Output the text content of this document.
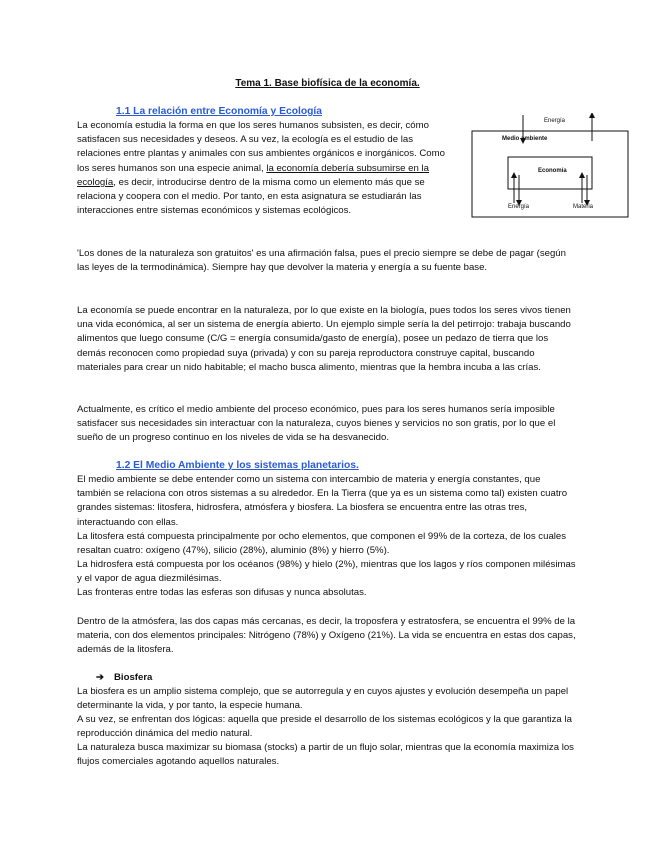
Tema 1. Base biofísica de la economía.
1.1 La relación entre Economía y Ecología

La economía estudia la forma en que los seres humanos subsisten, es decir, cómo satisfacen sus necesidades y deseos. A su vez, la ecología es el estudio de las relaciones entre plantas y animales con sus ambientes orgánicos e inorgánicos. Como los seres humanos son una especie animal, la economía debería subsumirse en la ecología, es decir, introducirse dentro de la misma como un elemento más que se relaciona y coopera con el medio. Por tanto, en esta asignatura se estudiarán las interacciones entre sistemas económicos y sistemas ecológicos.

Energía
Medio ambiente
Economía
Energía	Materia

'Los dones de la naturaleza son gratuitos' es una afirmación falsa, pues el precio siempre se debe de pagar (según las leyes de la termodinámica). Siempre hay que devolver la materia y energía a su fuente base.

La economía se puede encontrar en la naturaleza, por lo que existe en la biología, pues todos los seres vivos tienen una vida económica, al ser un sistema de energía abierto. Un ejemplo simple sería la del petirrojo: trabaja buscando alimentos que luego consume (C/G = energía consumida/gasto de energía), posee un pedazo de tierra que los demás reconocen como propiedad suya (privada) y con su pareja reproductora construye capital, buscando materiales para crear un nido habitable; el macho busca alimento, mientras que la hembra incuba a las crías.

Actualmente, es crítico el medio ambiente del proceso económico, pues para los seres humanos sería imposible satisfacer sus necesidades sin interactuar con la naturaleza, cuyos bienes y servicios no son gratis, por lo que el sueño de un progreso continuo en los niveles de vida se ha desvanecido.

1.2 El Medio Ambiente y los sistemas planetarios.

El medio ambiente se debe entender como un sistema con intercambio de materia y energía constantes, que también se relaciona con otros sistemas a su alrededor. En la Tierra (que ya es un sistema como tal) existen cuatro grandes sistemas: litosfera, hidrosfera, atmósfera y biosfera. La biosfera se encuentra entre las otras tres, interactuando con ellas.

La litosfera está compuesta principalmente por ocho elementos, que componen el 99% de la corteza, de los cuales resaltan cuatro: oxígeno (47%), silicio (28%), aluminio (8%) y hierro (5%).

La hidrosfera está compuesta por los océanos (98%) y hielo (2%), mientras que los lagos y ríos componen milésimas y el vapor de agua diezmilésimas.

Las fronteras entre todas las esferas son difusas y nunca absolutas.

Dentro de la atmósfera, las dos capas más cercanas, es decir, la troposfera y estratosfera, se encuentra el 99% de la materia, con dos elementos principales: Nitrógeno (78%) y Oxígeno (21%). La vida se encuentra en estas dos capas, además de la litosfera.

➔ Biosfera

La biosfera es un amplio sistema complejo, que se autorregula y en cuyos ajustes y evolución desempeña un papel determinante la vida, y por tanto, la especie humana.

A su vez, se enfrentan dos lógicas: aquella que preside el desarrollo de los sistemas ecológicos y la que garantiza la reproducción dinámica del medio natural.

La naturaleza busca maximizar su biomasa (stocks) a partir de un flujo solar, mientras que la economía maximiza los flujos comerciales agotando aquellos naturales.
